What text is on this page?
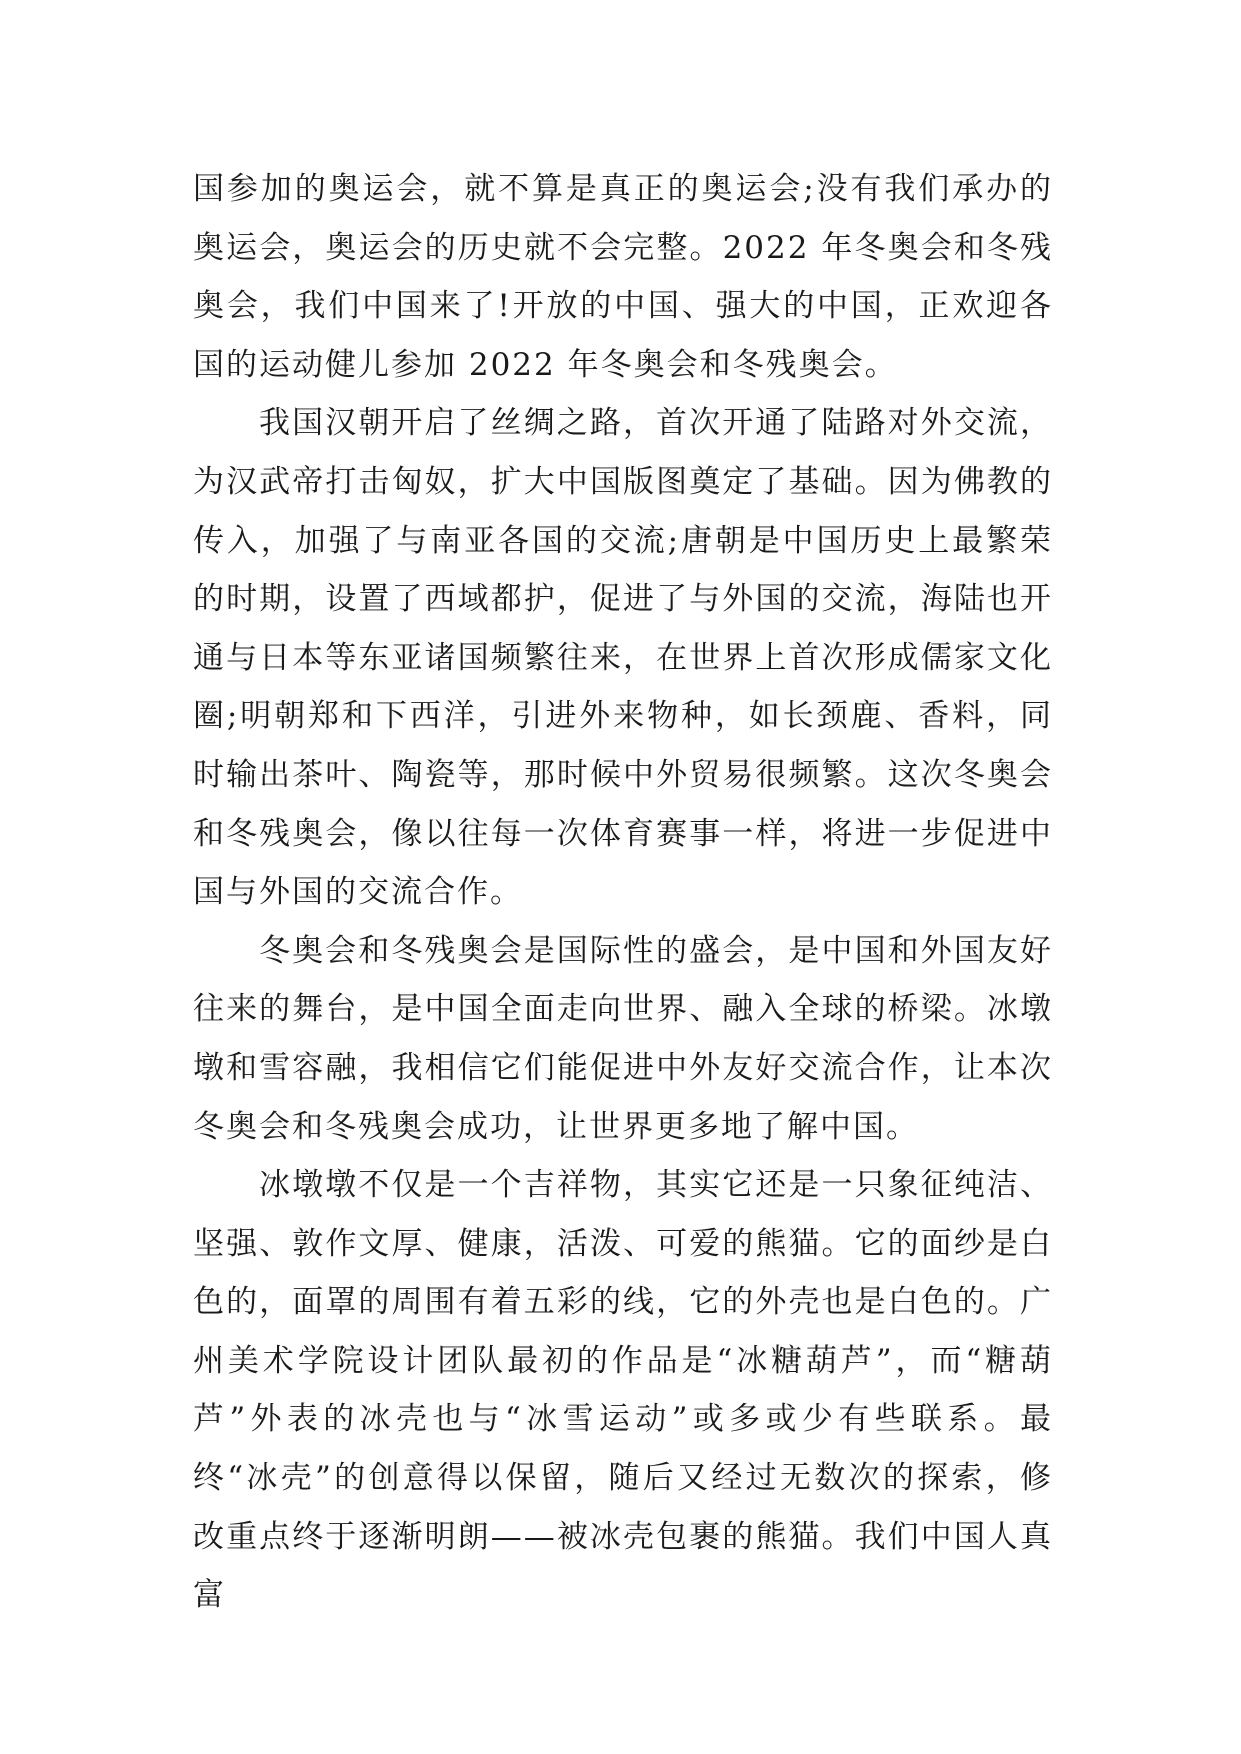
国参加的奥运会，就不算是真正的奥运会;没有我们承办的奥运会，奥运会的历史就不会完整。2022 年冬奥会和冬残奥会，我们中国来了!开放的中国、强大的中国，正欢迎各国的运动健儿参加 2022 年冬奥会和冬残奥会。

我国汉朝开启了丝绸之路，首次开通了陆路对外交流，为汉武帝打击匈奴，扩大中国版图奠定了基础。因为佛教的传入，加强了与南亚各国的交流;唐朝是中国历史上最繁荣的时期，设置了西域都护，促进了与外国的交流，海陆也开通与日本等东亚诸国频繁往来，在世界上首次形成儒家文化圈;明朝郑和下西洋，引进外来物种，如长颈鹿、香料，同时输出茶叶、陶瓷等，那时候中外贸易很频繁。这次冬奥会和冬残奥会，像以往每一次体育赛事一样，将进一步促进中国与外国的交流合作。

冬奥会和冬残奥会是国际性的盛会，是中国和外国友好往来的舞台，是中国全面走向世界、融入全球的桥梁。冰墩墩和雪容融，我相信它们能促进中外友好交流合作，让本次冬奥会和冬残奥会成功，让世界更多地了解中国。

冰墩墩不仅是一个吉祥物，其实它还是一只象征纯洁、坚强、敦作文厚、健康，活泼、可爱的熊猫。它的面纱是白色的，面罩的周围有着五彩的线，它的外壳也是白色的。广州美术学院设计团队最初的作品是“冰糖葫芦”，而“糖葫芦”外表的冰壳也与“冰雪运动”或多或少有些联系。最终“冰壳”的创意得以保留，随后又经过无数次的探索，修改重点终于逐渐明朗——被冰壳包裹的熊猫。我们中国人真富
